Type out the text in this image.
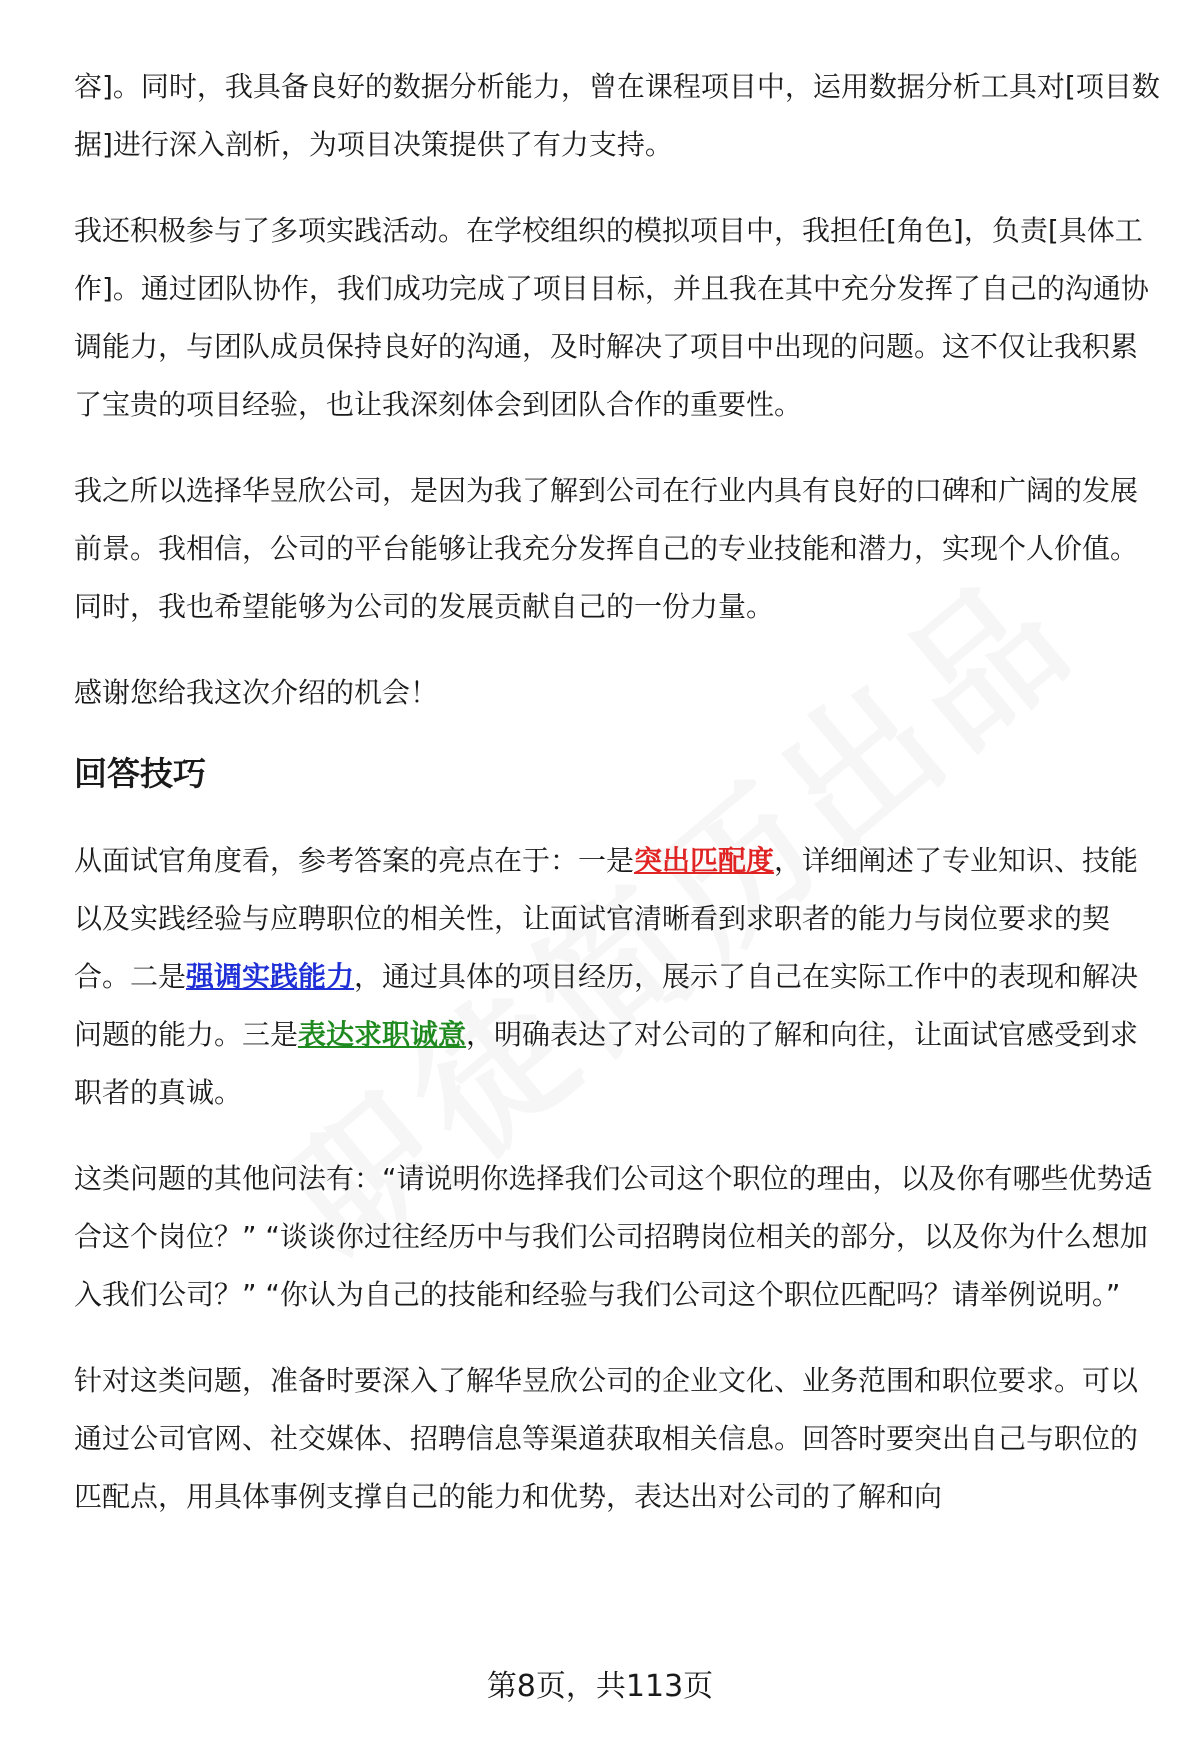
容]。同时，我具备良好的数据分析能力，曾在课程项目中，运用数据分析工具对[项目数据]进行深入剖析，为项目决策提供了有力支持。

我还积极参与了多项实践活动。在学校组织的模拟项目中，我担任[角色]，负责[具体工作]。通过团队协作，我们成功完成了项目目标，并且我在其中充分发挥了自己的沟通协调能力，与团队成员保持良好的沟通，及时解决了项目中出现的问题。这不仅让我积累了宝贵的项目经验，也让我深刻体会到团队合作的重要性。

我之所以选择华昱欣公司，是因为我了解到公司在行业内具有良好的口碑和广阔的发展前景。我相信，公司的平台能够让我充分发挥自己的专业技能和潜力，实现个人价值。同时，我也希望能够为公司的发展贡献自己的一份力量。

感谢您给我这次介绍的机会！

回答技巧

从面试官角度看，参考答案的亮点在于：一是突出匹配度，详细阐述了专业知识、技能以及实践经验与应聘职位的相关性，让面试官清晰看到求职者的能力与岗位要求的契合。二是强调实践能力，通过具体的项目经历，展示了自己在实际工作中的表现和解决问题的能力。三是表达求职诚意，明确表达了对公司的了解和向往，让面试官感受到求职者的真诚。

这类问题的其他问法有：“请说明你选择我们公司这个职位的理由，以及你有哪些优势适合这个岗位？” “谈谈你过往经历中与我们公司招聘岗位相关的部分，以及你为什么想加入我们公司？” “你认为自己的技能和经验与我们公司这个职位匹配吗？请举例说明。”

针对这类问题，准备时要深入了解华昱欣公司的企业文化、业务范围和职位要求。可以通过公司官网、社交媒体、招聘信息等渠道获取相关信息。回答时要突出自己与职位的匹配点，用具体事例支撑自己的能力和优势，表达出对公司的了解和向

第8页，共113页
